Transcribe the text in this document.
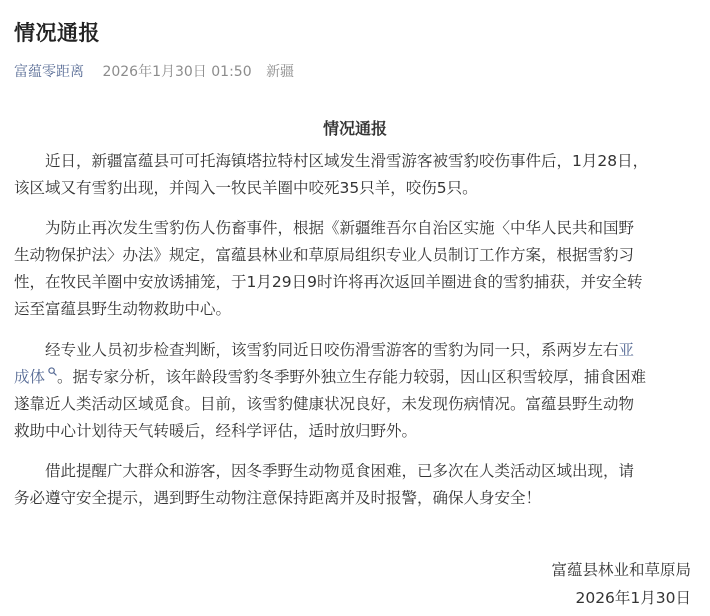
情况通报
富蕴零距离 2026年1月30日 01:50 新疆
情况通报

近日，新疆富蕴县可可托海镇塔拉特村区域发生滑雪游客被雪豹咬伤事件后，1月28日，
该区域又有雪豹出现，并闯入一牧民羊圈中咬死35只羊，咬伤5只。

为防止再次发生雪豹伤人伤畜事件，根据《新疆维吾尔自治区实施〈中华人民共和国野
生动物保护法〉办法》规定，富蕴县林业和草原局组织专业人员制订工作方案，根据雪豹习
性，在牧民羊圈中安放诱捕笼，于1月29日9时许将再次返回羊圈进食的雪豹捕获，并安全转
运至富蕴县野生动物救助中心。

经专业人员初步检查判断，该雪豹同近日咬伤滑雪游客的雪豹为同一只，系两岁左右亚
成体 。据专家分析，该年龄段雪豹冬季野外独立生存能力较弱，因山区积雪较厚，捕食困难
遂靠近人类活动区域觅食。目前，该雪豹健康状况良好，未发现伤病情况。富蕴县野生动物
救助中心计划待天气转暖后，经科学评估，适时放归野外。

借此提醒广大群众和游客，因冬季野生动物觅食困难，已多次在人类活动区域出现，请
务必遵守安全提示，遇到野生动物注意保持距离并及时报警，确保人身安全！

富蕴县林业和草原局
2026年1月30日
